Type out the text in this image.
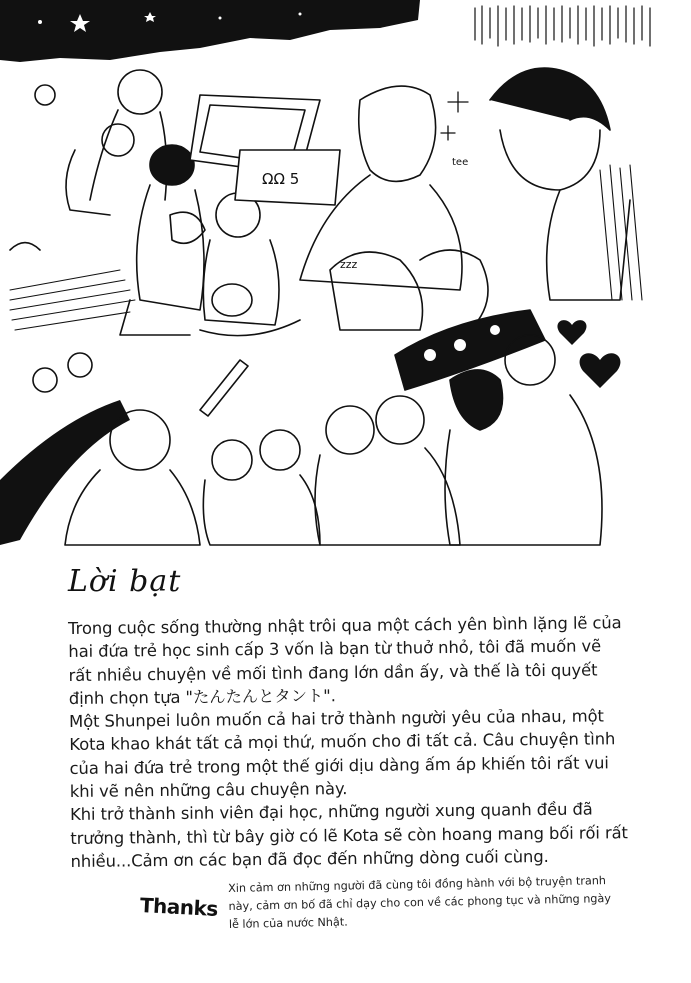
ΩΩ 5
tee
zzz
Lời bạt

Trong cuộc sống thường nhật trôi qua một cách yên bình lặng lẽ của hai đứa trẻ học sinh cấp 3 vốn là bạn từ thuở nhỏ, tôi đã muốn vẽ rất nhiều chuyện về mối tình đang lớn dần ấy, và thế là tôi quyết định chọn tựa "たんたんとタント".

Một Shunpei luôn muốn cả hai trở thành người yêu của nhau, một Kota khao khát tất cả mọi thứ, muốn cho đi tất cả. Câu chuyện tình của hai đứa trẻ trong một thế giới dịu dàng ấm áp khiến tôi rất vui khi vẽ nên những câu chuyện này.

Khi trở thành sinh viên đại học, những người xung quanh đều đã trưởng thành, thì từ bây giờ có lẽ Kota sẽ còn hoang mang bối rối rất nhiều...Cảm ơn các bạn đã đọc đến những dòng cuối cùng.

Thanks
Xin cảm ơn những người đã cùng tôi đồng hành với bộ truyện tranh này, cảm ơn bố đã chỉ dạy cho con về các phong tục và những ngày lễ lớn của nước Nhật.
